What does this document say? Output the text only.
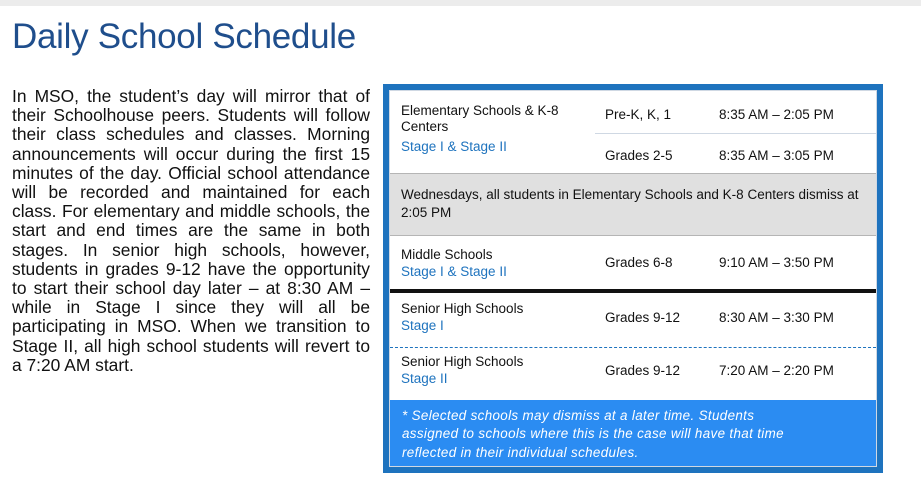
Daily School Schedule
In MSO, the student’s day will mirror that of their Schoolhouse peers. Students will follow their class schedules and classes. Morning announcements will occur during the first 15 minutes of the day. Official school attendance will be recorded and maintained for each class. For elementary and middle schools, the start and end times are the same in both stages. In senior high schools, however, students in grades 9-12 have the opportunity to start their school day later – at 8:30 AM – while in Stage I since they will all be participating in MSO. When we transition to Stage II, all high school students will revert to a 7:20 AM start.
Elementary Schools & K-8
Centers
Stage I & Stage II
Pre-K, K, 1	8:35 AM – 2:05 PM
Grades 2-5	8:35 AM – 3:05 PM
Wednesdays, all students in Elementary Schools and K-8 Centers dismiss at
2:05 PM
Middle Schools
Stage I & Stage II
Grades 6-8	9:10 AM – 3:50 PM
Senior High Schools
Stage I
Grades 9-12	8:30 AM – 3:30 PM
Senior High Schools
Stage II
Grades 9-12	7:20 AM – 2:20 PM
* Selected schools may dismiss at a later time. Students
assigned to schools where this is the case will have that time
reflected in their individual schedules.
